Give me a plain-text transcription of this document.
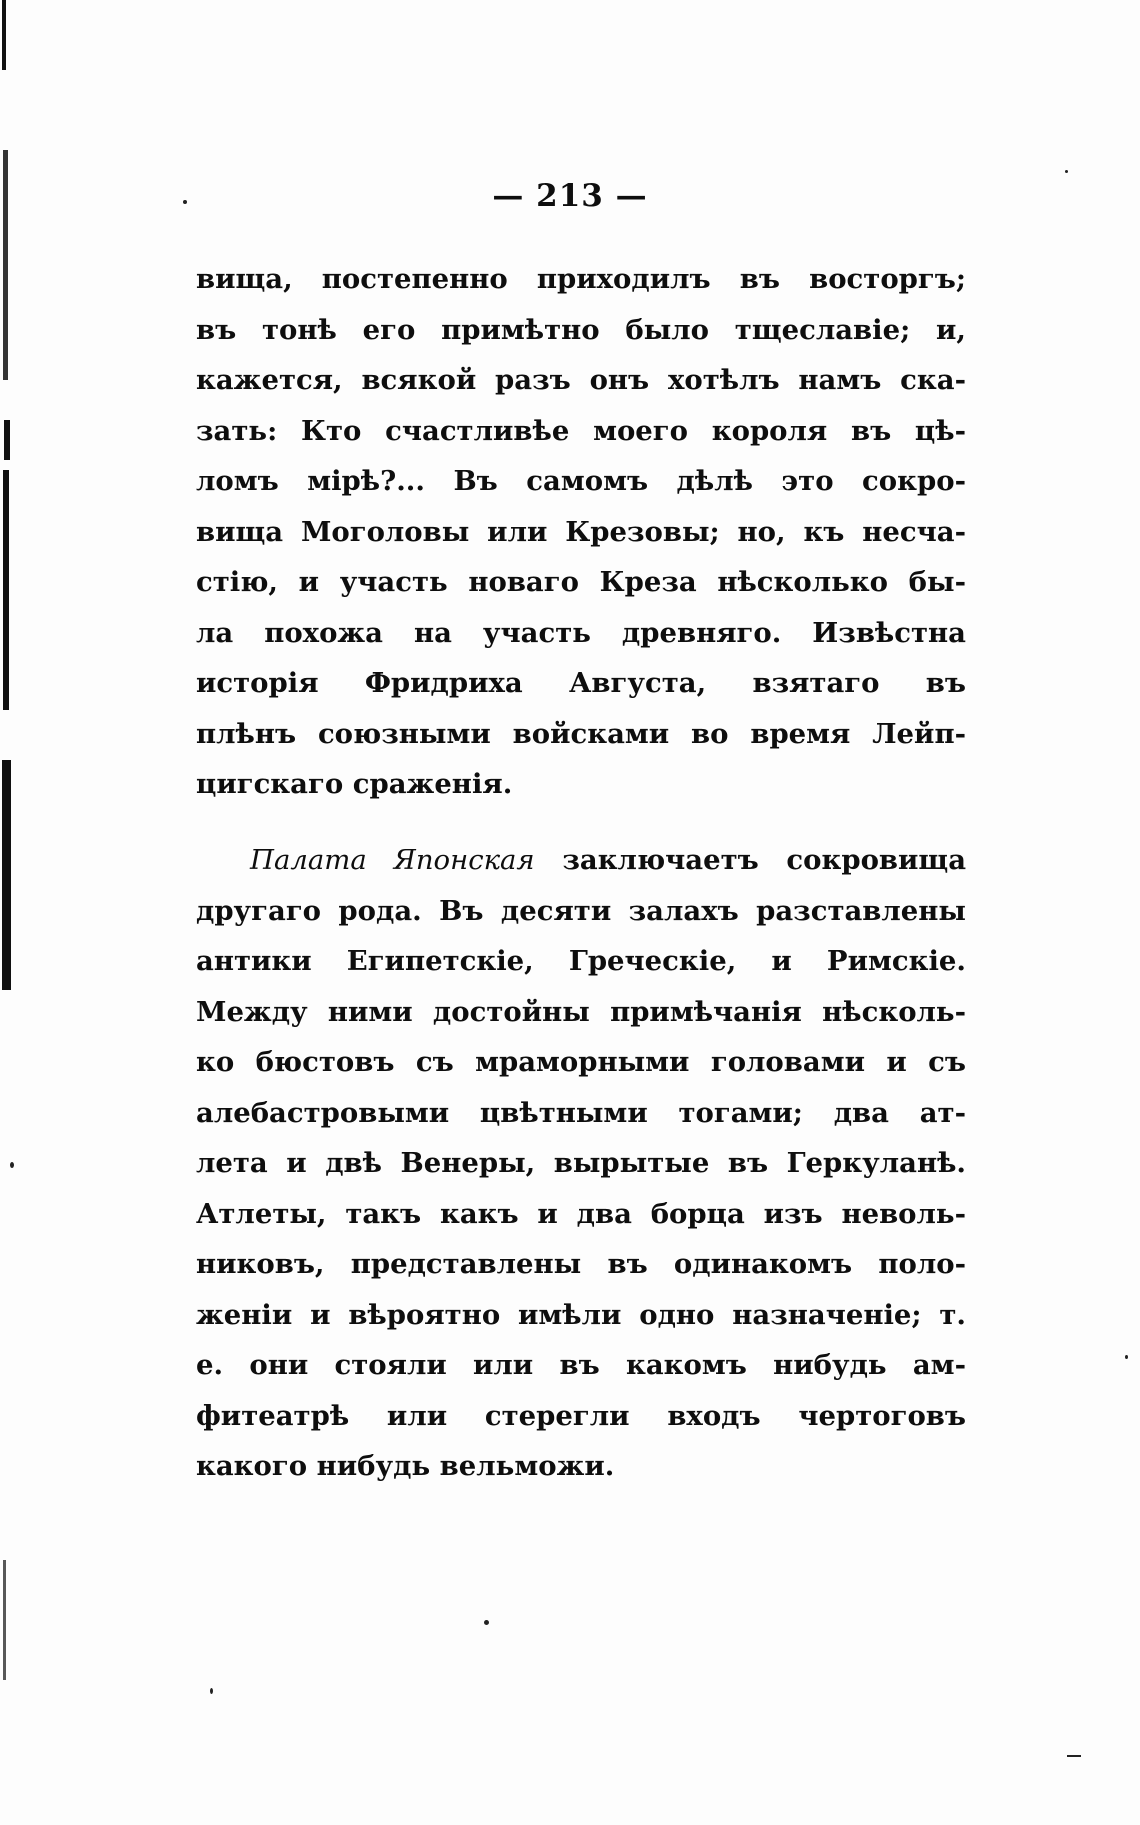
— 213 —
вища, постепенно приходилъ въ восторгъ;
въ тонѣ его примѣтно было тщеславіе; и,
кажется, всякой разъ онъ хотѣлъ намъ ска-
зать: Кто счастливѣе моего короля въ цѣ-
ломъ мірѣ?... Въ самомъ дѣлѣ это сокро-
вища Моголовы или Крезовы; но, къ несча-
стію, и участь новаго Креза нѣсколько бы-
ла похожа на участь древняго. Извѣстна
исторія Фридриха Августа, взятаго въ
плѣнъ союзными войсками во время Лейп-
цигскаго сраженія.
Палата Японская заключаетъ сокровища
другаго рода. Въ десяти залахъ разставлены
антики Египетскіе, Греческіе, и Римскіе.
Между ними достойны примѣчанія нѣсколь-
ко бюстовъ съ мраморными головами и съ
алебастровыми цвѣтными тогами; два ат-
лета и двѣ Венеры, вырытые въ Геркуланѣ.
Атлеты, такъ какъ и два борца изъ неволь-
никовъ, представлены въ одинакомъ поло-
женіи и вѣроятно имѣли одно назначеніе; т.
е. они стояли или въ какомъ нибудь ам-
фитеатрѣ или стерегли входъ чертоговъ
какого нибудь вельможи.
